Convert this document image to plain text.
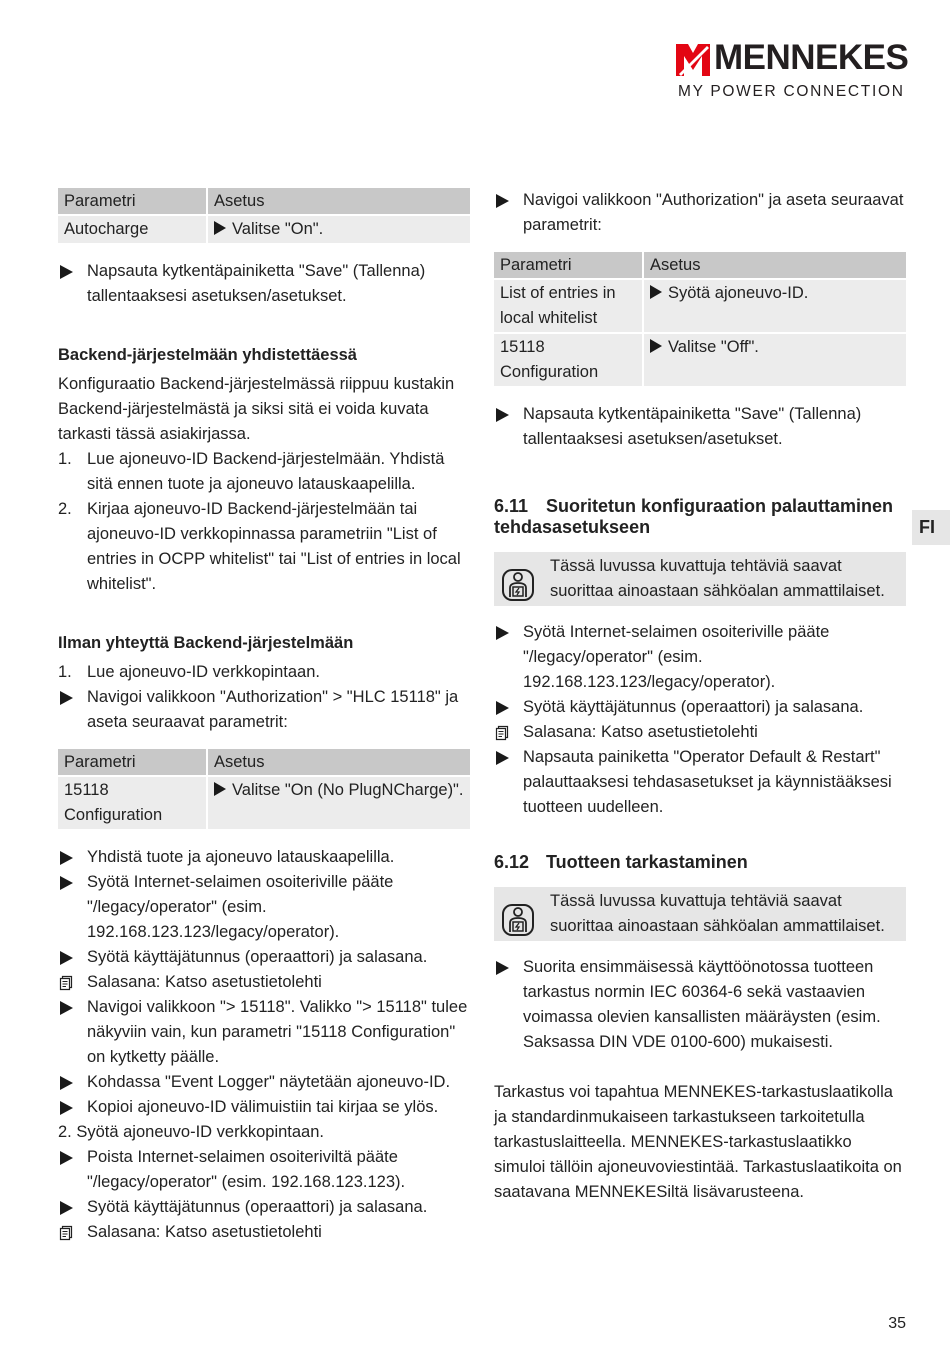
MENNEKES
MY POWER CONNECTION
Parametri	Asetus
Autocharge	Valitse "On".
Napsauta kytkentäpainiketta "Save" (Tallenna) tallentaaksesi asetuksen/asetukset.
Backend-järjestelmään yhdistettäessä
Konfiguraatio Backend-järjestelmässä riippuu kustakin Backend-järjestelmästä ja siksi sitä ei voida kuvata tarkasti tässä asiakirjassa.
1. Lue ajoneuvo-ID Backend-järjestelmään. Yhdistä sitä ennen tuote ja ajoneuvo latauskaapelilla.
2. Kirjaa ajoneuvo-ID Backend-järjestelmään tai ajoneuvo-ID verkkopinnassa parametriin "List of entries in OCPP whitelist" tai "List of entries in local whitelist".
Ilman yhteyttä Backend-järjestelmään
1. Lue ajoneuvo-ID verkkopintaan.
Navigoi valikkoon "Authorization" > "HLC 15118" ja aseta seuraavat parametrit:
Parametri	Asetus
15118 Configuration	Valitse "On (No PlugNCharge)".
Yhdistä tuote ja ajoneuvo latauskaapelilla.
Syötä Internet-selaimen osoiteriville pääte "/legacy/operator" (esim. 192.168.123.123/legacy/operator).
Syötä käyttäjätunnus (operaattori) ja salasana.
Salasana: Katso asetustietolehti
Navigoi valikkoon "> 15118". Valikko "> 15118" tulee näkyviin vain, kun parametri "15118 Configuration" on kytketty päälle.
Kohdassa "Event Logger" näytetään ajoneuvo-ID.
Kopioi ajoneuvo-ID välimuistiin tai kirjaa se ylös.
2. Syötä ajoneuvo-ID verkkopintaan.
Poista Internet-selaimen osoiteriviltä pääte "/legacy/operator" (esim. 192.168.123.123).
Syötä käyttäjätunnus (operaattori) ja salasana.
Salasana: Katso asetustietolehti
Navigoi valikkoon "Authorization" ja aseta seuraavat parametrit:
Parametri	Asetus
List of entries in local whitelist	Syötä ajoneuvo-ID.
15118 Configuration	Valitse "Off".
Napsauta kytkentäpainiketta "Save" (Tallenna) tallentaaksesi asetuksen/asetukset.
6.11 Suoritetun konfiguraation palauttaminen tehdasasetukseen
Tässä luvussa kuvattuja tehtäviä saavat suorittaa ainoastaan sähköalan ammattilaiset.
Syötä Internet-selaimen osoiteriville pääte "/legacy/operator" (esim. 192.168.123.123/legacy/operator).
Syötä käyttäjätunnus (operaattori) ja salasana.
Salasana: Katso asetustietolehti
Napsauta painiketta "Operator Default & Restart" palauttaaksesi tehdasasetukset ja käynnistääksesi tuotteen uudelleen.
6.12 Tuotteen tarkastaminen
Tässä luvussa kuvattuja tehtäviä saavat suorittaa ainoastaan sähköalan ammattilaiset.
Suorita ensimmäisessä käyttöönotossa tuotteen tarkastus normin IEC 60364-6 sekä vastaavien voimassa olevien kansallisten määräysten (esim. Saksassa DIN VDE 0100-600) mukaisesti.
Tarkastus voi tapahtua MENNEKES-tarkastuslaatikolla ja standardinmukaiseen tarkastukseen tarkoitetulla tarkastuslaitteella. MENNEKES-tarkastuslaatikko simuloi tällöin ajoneuvoviestintää. Tarkastuslaatikoita on saatavana MENNEKESiltä lisävarusteena.
FI
35
